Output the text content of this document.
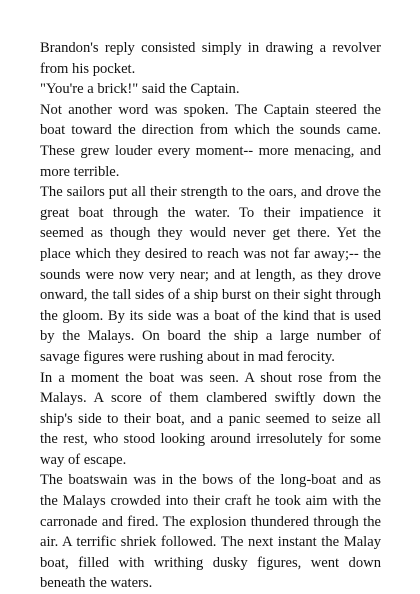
Brandon's reply consisted simply in drawing a revolver from his pocket.

"You're a brick!" said the Captain.

Not another word was spoken. The Captain steered the boat toward the direction from which the sounds came. These grew louder every moment-- more menacing, and more terrible.

The sailors put all their strength to the oars, and drove the great boat through the water. To their impatience it seemed as though they would never get there. Yet the place which they desired to reach was not far away;-- the sounds were now very near; and at length, as they drove onward, the tall sides of a ship burst on their sight through the gloom. By its side was a boat of the kind that is used by the Malays. On board the ship a large number of savage figures were rushing about in mad ferocity.

In a moment the boat was seen. A shout rose from the Malays. A score of them clambered swiftly down the ship's side to their boat, and a panic seemed to seize all the rest, who stood looking around irresolutely for some way of escape.

The boatswain was in the bows of the long-boat and as the Malays crowded into their craft he took aim with the carronade and fired. The explosion thundered through the air. A terrific shriek followed. The next instant the Malay boat, filled with writhing dusky figures, went down beneath the waters.
